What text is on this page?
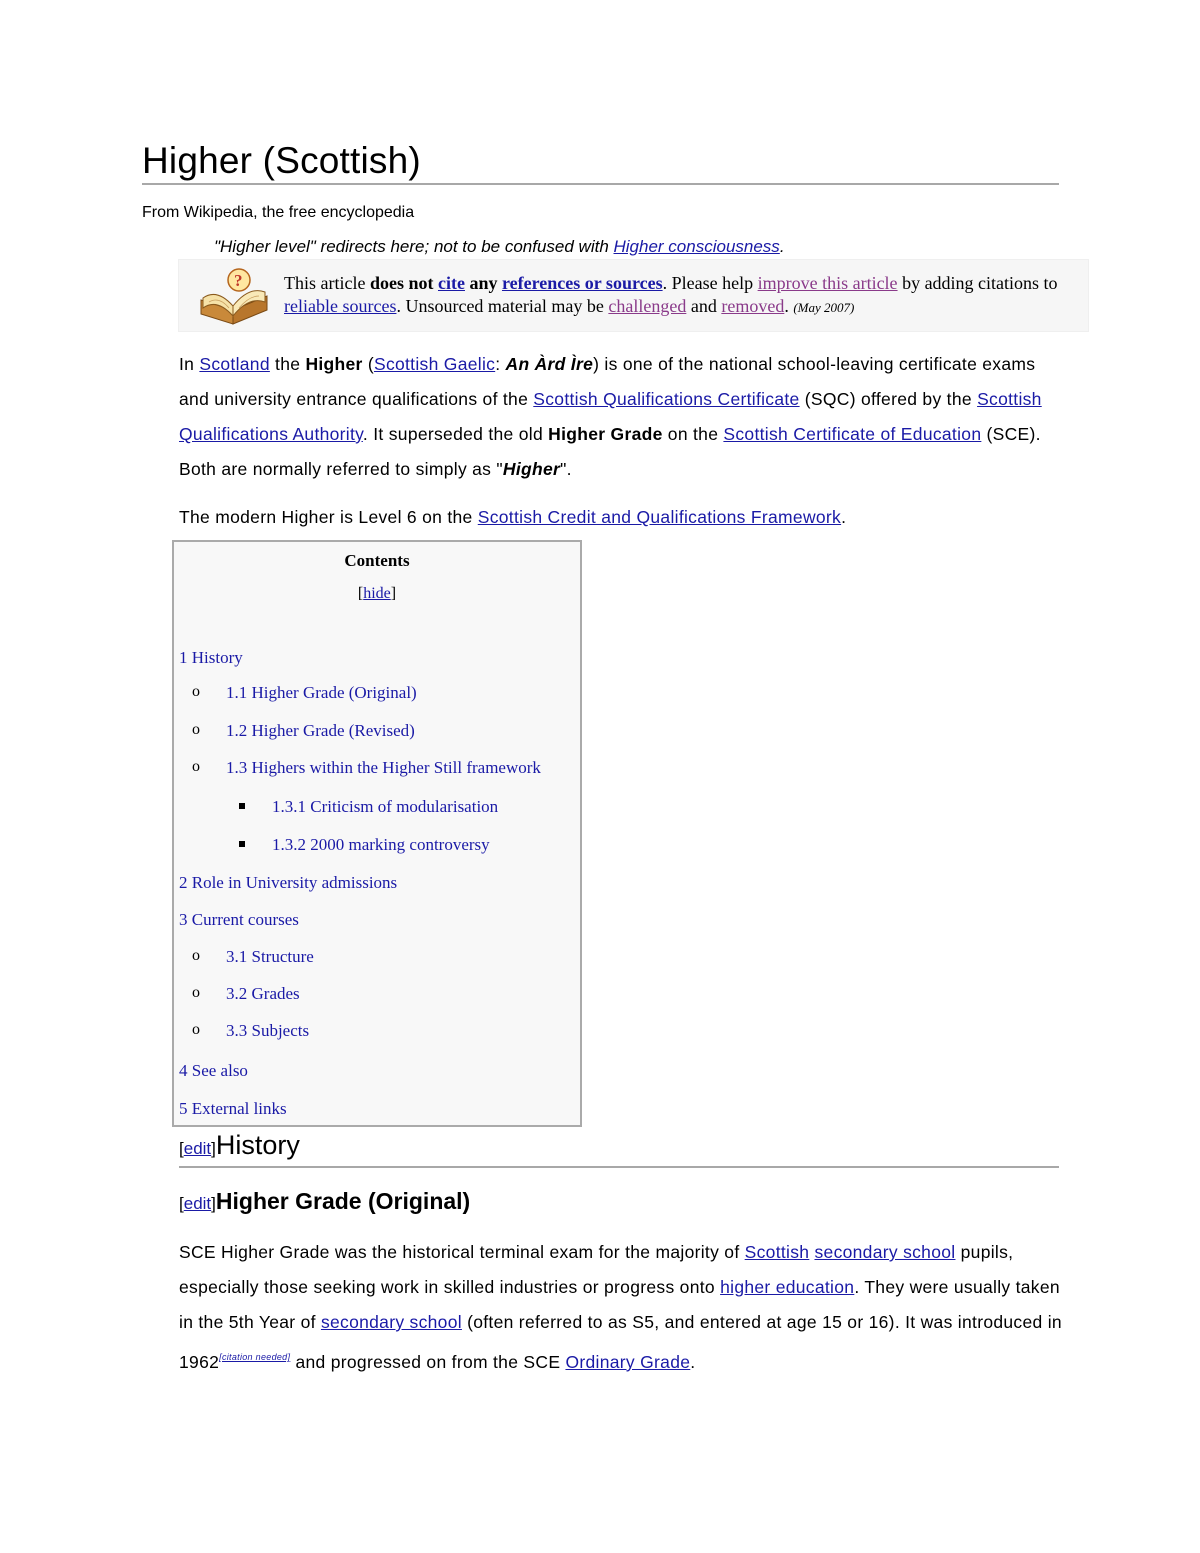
Higher (Scottish)
From Wikipedia, the free encyclopedia
"Higher level" redirects here; not to be confused with Higher consciousness.
? This article does not cite any references or sources. Please help improve this article by adding citations to reliable sources. Unsourced material may be challenged and removed. (May 2007)
In Scotland the Higher (Scottish Gaelic: An Àrd Ìre) is one of the national school-leaving certificate exams and university entrance qualifications of the Scottish Qualifications Certificate (SQC) offered by the Scottish Qualifications Authority. It superseded the old Higher Grade on the Scottish Certificate of Education (SCE). Both are normally referred to simply as "Higher".
The modern Higher is Level 6 on the Scottish Credit and Qualifications Framework.
Contents
[hide]
1 History
o 1.1 Higher Grade (Original)
o 1.2 Higher Grade (Revised)
o 1.3 Highers within the Higher Still framework
1.3.1 Criticism of modularisation
1.3.2 2000 marking controversy
2 Role in University admissions
3 Current courses
o 3.1 Structure
o 3.2 Grades
o 3.3 Subjects
4 See also
5 External links
[edit]History
[edit]Higher Grade (Original)
SCE Higher Grade was the historical terminal exam for the majority of Scottish secondary school pupils, especially those seeking work in skilled industries or progress onto higher education. They were usually taken in the 5th Year of secondary school (often referred to as S5, and entered at age 15 or 16). It was introduced in 1962[citation needed] and progressed on from the SCE Ordinary Grade.
